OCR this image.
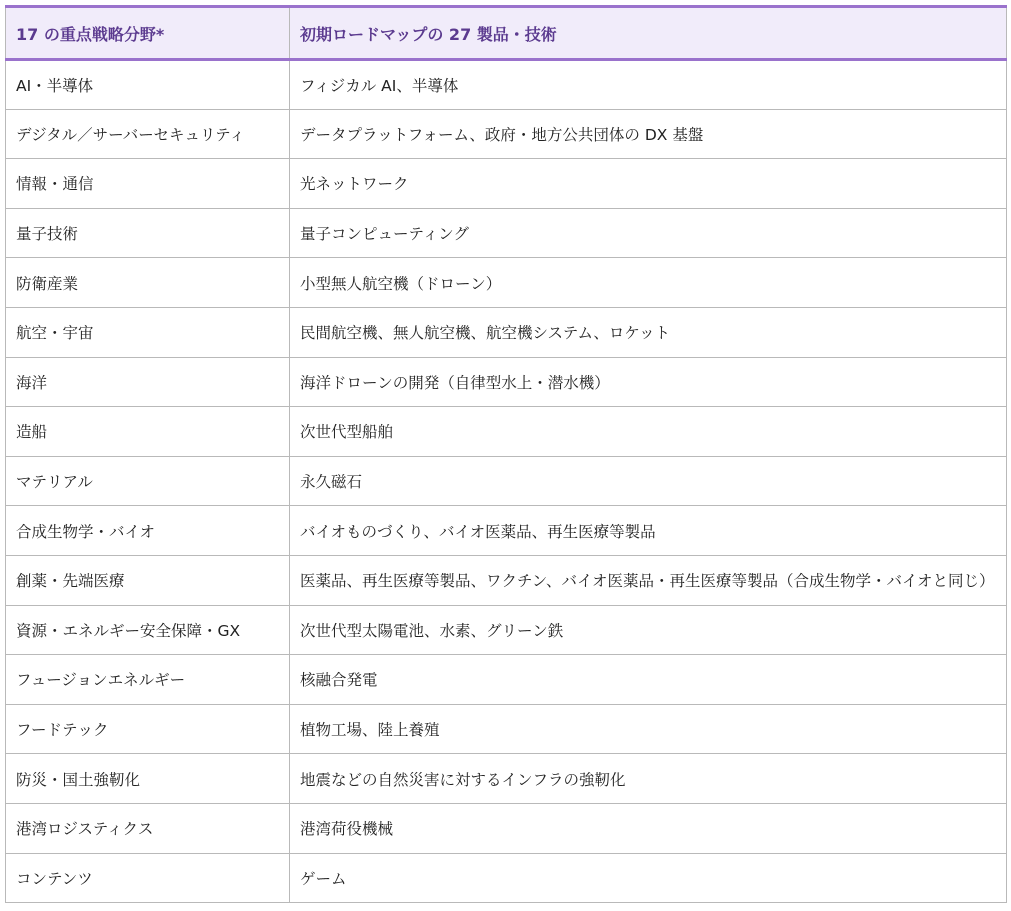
17 の重点戦略分野*	初期ロードマップの 27 製品・技術
AI・半導体	フィジカル AI、半導体
デジタル／サーバーセキュリティ	データプラットフォーム、政府・地方公共団体の DX 基盤
情報・通信	光ネットワーク
量子技術	量子コンピューティング
防衛産業	小型無人航空機（ドローン）
航空・宇宙	民間航空機、無人航空機、航空機システム、ロケット
海洋	海洋ドローンの開発（自律型水上・潜水機）
造船	次世代型船舶
マテリアル	永久磁石
合成生物学・バイオ	バイオものづくり、バイオ医薬品、再生医療等製品
創薬・先端医療	医薬品、再生医療等製品、ワクチン、バイオ医薬品・再生医療等製品（合成生物学・バイオと同じ）
資源・エネルギー安全保障・GX	次世代型太陽電池、水素、グリーン鉄
フュージョンエネルギー	核融合発電
フードテック	植物工場、陸上養殖
防災・国土強靭化	地震などの自然災害に対するインフラの強靭化
港湾ロジスティクス	港湾荷役機械
コンテンツ	ゲーム
